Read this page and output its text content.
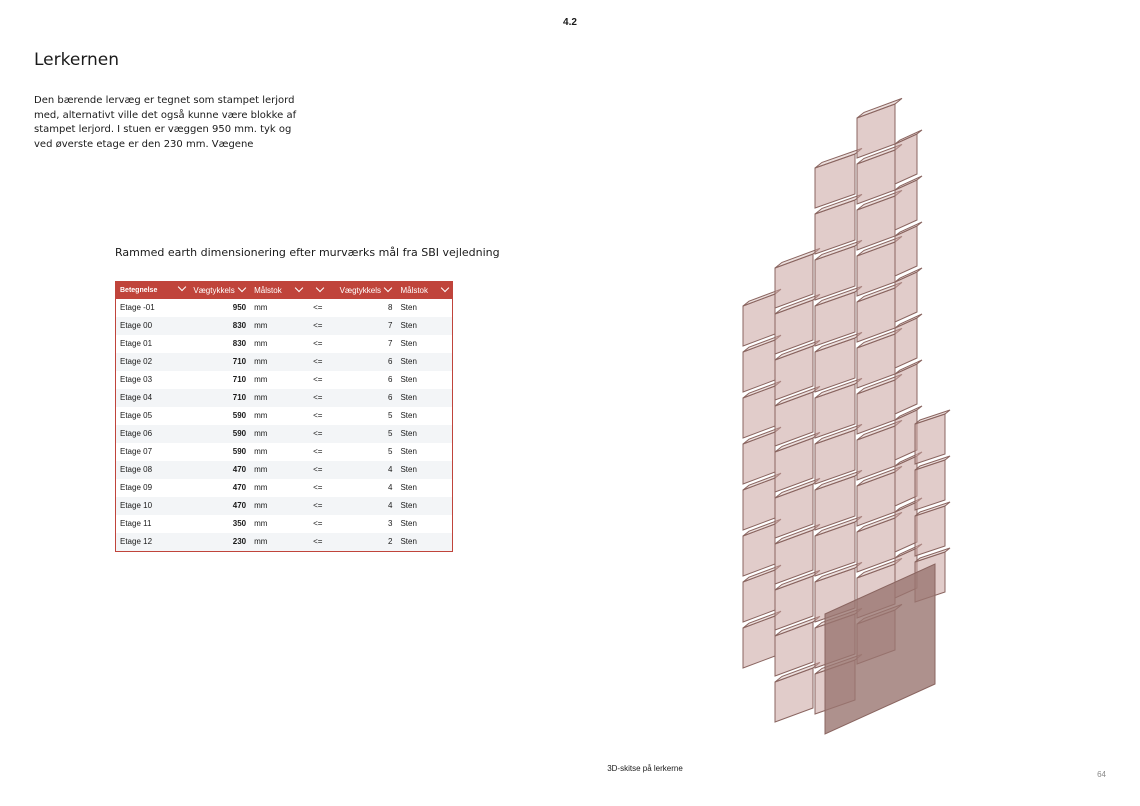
4.2
Lerkernen
Den bærende lervæg er tegnet som stampet lerjord med, alternativt ville det også kunne være blokke af stampet lerjord. I stuen er væggen 950 mm. tyk og ved øverste etage er den 230 mm. Vægene
Rammed earth dimensionering efter murværks mål fra SBI vejledning
Betegnelse	Vægtykkels	Målstok		Vægtykkels	Målstok
Etage -01	950	mm	<=	8	Sten
Etage 00	830	mm	<=	7	Sten
Etage 01	830	mm	<=	7	Sten
Etage 02	710	mm	<=	6	Sten
Etage 03	710	mm	<=	6	Sten
Etage 04	710	mm	<=	6	Sten
Etage 05	590	mm	<=	5	Sten
Etage 06	590	mm	<=	5	Sten
Etage 07	590	mm	<=	5	Sten
Etage 08	470	mm	<=	4	Sten
Etage 09	470	mm	<=	4	Sten
Etage 10	470	mm	<=	4	Sten
Etage 11	350	mm	<=	3	Sten
Etage 12	230	mm	<=	2	Sten
3D-skitse på lerkerne
64
